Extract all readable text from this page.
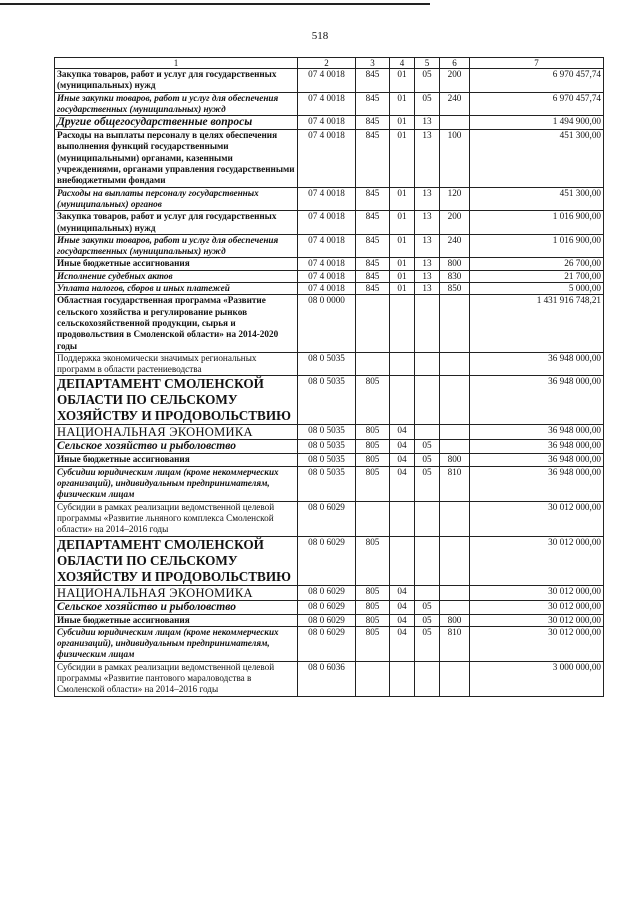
518
1	2	3	4	5	6	7
Закупка товаров, работ и услуг для государственных (муниципальных) нужд	07 4 0018	845	01	05	200	6 970 457,74
Иные закупки товаров, работ и услуг для обеспечения государственных (муниципальных) нужд	07 4 0018	845	01	05	240	6 970 457,74
Другие общегосударственные вопросы	07 4 0018	845	01	13		1 494 900,00
Расходы на выплаты персоналу в целях обеспечения выполнения функций государственными (муниципальными) органами, казенными учреждениями, органами управления государственными внебюджетными фондами	07 4 0018	845	01	13	100	451 300,00
Расходы на выплаты персоналу государственных (муниципальных) органов	07 4 0018	845	01	13	120	451 300,00
Закупка товаров, работ и услуг для государственных (муниципальных) нужд	07 4 0018	845	01	13	200	1 016 900,00
Иные закупки товаров, работ и услуг для обеспечения государственных (муниципальных) нужд	07 4 0018	845	01	13	240	1 016 900,00
Иные бюджетные ассигнования	07 4 0018	845	01	13	800	26 700,00
Исполнение судебных актов	07 4 0018	845	01	13	830	21 700,00
Уплата налогов, сборов и иных платежей	07 4 0018	845	01	13	850	5 000,00
Областная государственная программа «Развитие сельского хозяйства и регулирование рынков сельскохозяйственной продукции, сырья и продовольствия в Смоленской области» на 2014-2020 годы	08 0 0000					1 431 916 748,21
Поддержка экономически значимых региональных программ в области растениеводства	08 0 5035					36 948 000,00
ДЕПАРТАМЕНТ СМОЛЕНСКОЙ ОБЛАСТИ ПО СЕЛЬСКОМУ ХОЗЯЙСТВУ И ПРОДОВОЛЬСТВИЮ	08 0 5035	805				36 948 000,00
НАЦИОНАЛЬНАЯ ЭКОНОМИКА	08 0 5035	805	04			36 948 000,00
Сельское хозяйство и рыболовство	08 0 5035	805	04	05		36 948 000,00
Иные бюджетные ассигнования	08 0 5035	805	04	05	800	36 948 000,00
Субсидии юридическим лицам (кроме некоммерческих организаций), индивидуальным предпринимателям, физическим лицам	08 0 5035	805	04	05	810	36 948 000,00
Субсидии в рамках реализации ведомственной целевой программы «Развитие льняного комплекса Смоленской области» на 2014–2016 годы	08 0 6029					30 012 000,00
ДЕПАРТАМЕНТ СМОЛЕНСКОЙ ОБЛАСТИ ПО СЕЛЬСКОМУ ХОЗЯЙСТВУ И ПРОДОВОЛЬСТВИЮ	08 0 6029	805				30 012 000,00
НАЦИОНАЛЬНАЯ ЭКОНОМИКА	08 0 6029	805	04			30 012 000,00
Сельское хозяйство и рыболовство	08 0 6029	805	04	05		30 012 000,00
Иные бюджетные ассигнования	08 0 6029	805	04	05	800	30 012 000,00
Субсидии юридическим лицам (кроме некоммерческих организаций), индивидуальным предпринимателям, физическим лицам	08 0 6029	805	04	05	810	30 012 000,00
Субсидии в рамках реализации ведомственной целевой программы «Развитие пантового мараловодства в Смоленской области» на 2014–2016 годы	08 0 6036					3 000 000,00
